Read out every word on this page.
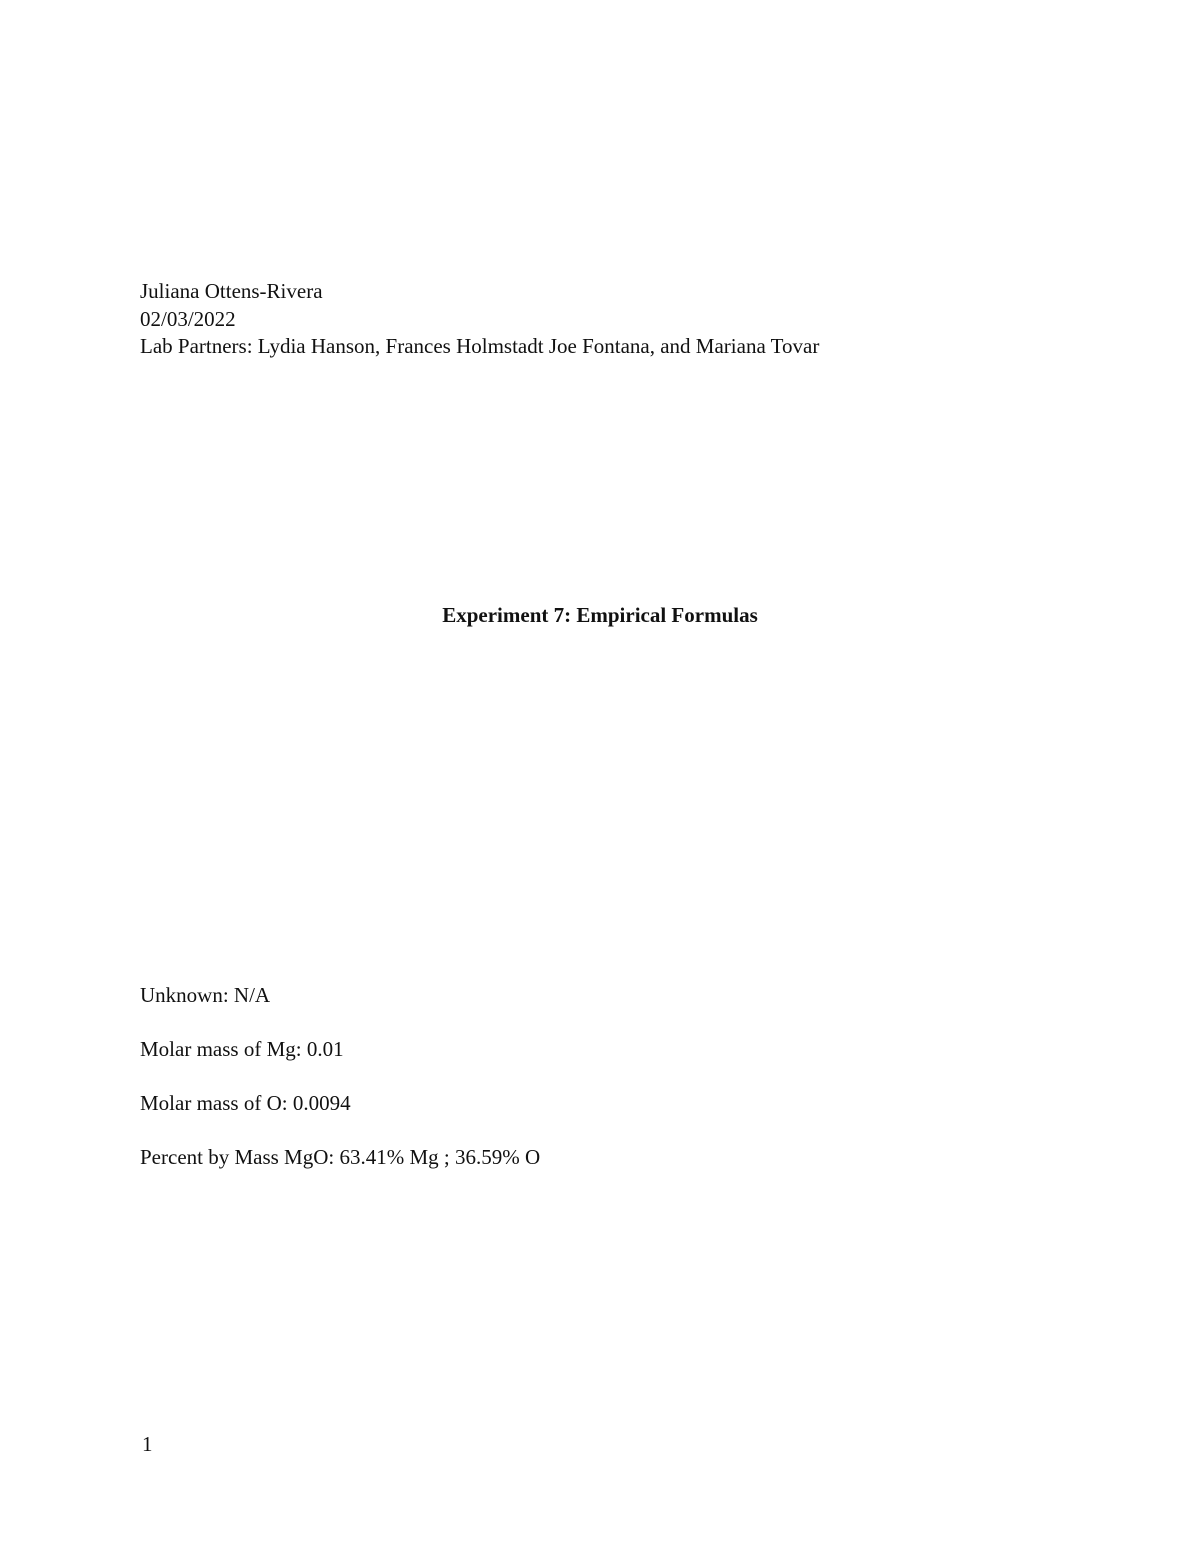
Juliana Ottens-Rivera
02/03/2022
Lab Partners: Lydia Hanson, Frances Holmstadt Joe Fontana, and Mariana Tovar
Experiment 7: Empirical Formulas
Unknown: N/A
Molar mass of Mg: 0.01
Molar mass of O: 0.0094
Percent by Mass MgO: 63.41% Mg ; 36.59% O
1
